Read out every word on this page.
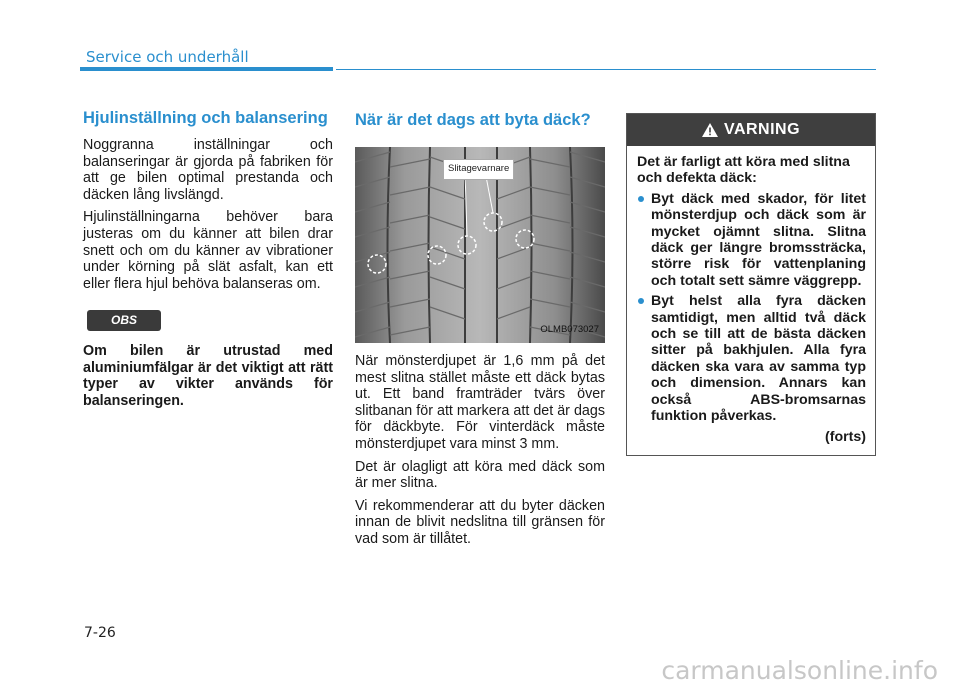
Service och underhåll
Hjulinställning och balansering

Noggranna inställningar och balanseringar är gjorda på fabriken för att ge bilen optimal prestanda och däcken lång livslängd.

Hjulinställningarna behöver bara justeras om du känner att bilen drar snett och om du känner av vibrationer under körning på slät asfalt, kan ett eller flera hjul behöva balanseras om.

OBS

Om bilen är utrustad med aluminiumfälgar är det viktigt att rätt typer av vikter används för balanseringen.

När är det dags att byta däck?
Slitagevarnare
OLMB073027

När mönsterdjupet är 1,6 mm på det mest slitna stället måste ett däck bytas ut. Ett band framträder tvärs över slitbanan för att markera att det är dags för däckbyte. För vinterdäck måste mönsterdjupet vara minst 3 mm.

Det är olagligt att köra med däck som är mer slitna.

Vi rekommenderar att du byter däcken innan de blivit nedslitna till gränsen för vad som är tillåtet.

VARNING

Det är farligt att köra med slitna och defekta däck:

Byt däck med skador, för litet mönsterdjup och däck som är mycket ojämnt slitna. Slitna däck ger längre bromssträcka, större risk för vattenplaning och totalt sett sämre väggrepp.
Byt helst alla fyra däcken samtidigt, men alltid två däck och se till att de bästa däcken sitter på bakhjulen. Alla fyra däcken ska vara av samma typ och dimension. Annars kan också ABS-bromsarnas funktion påverkas.

(forts)

7-26
carmanualsonline.info
